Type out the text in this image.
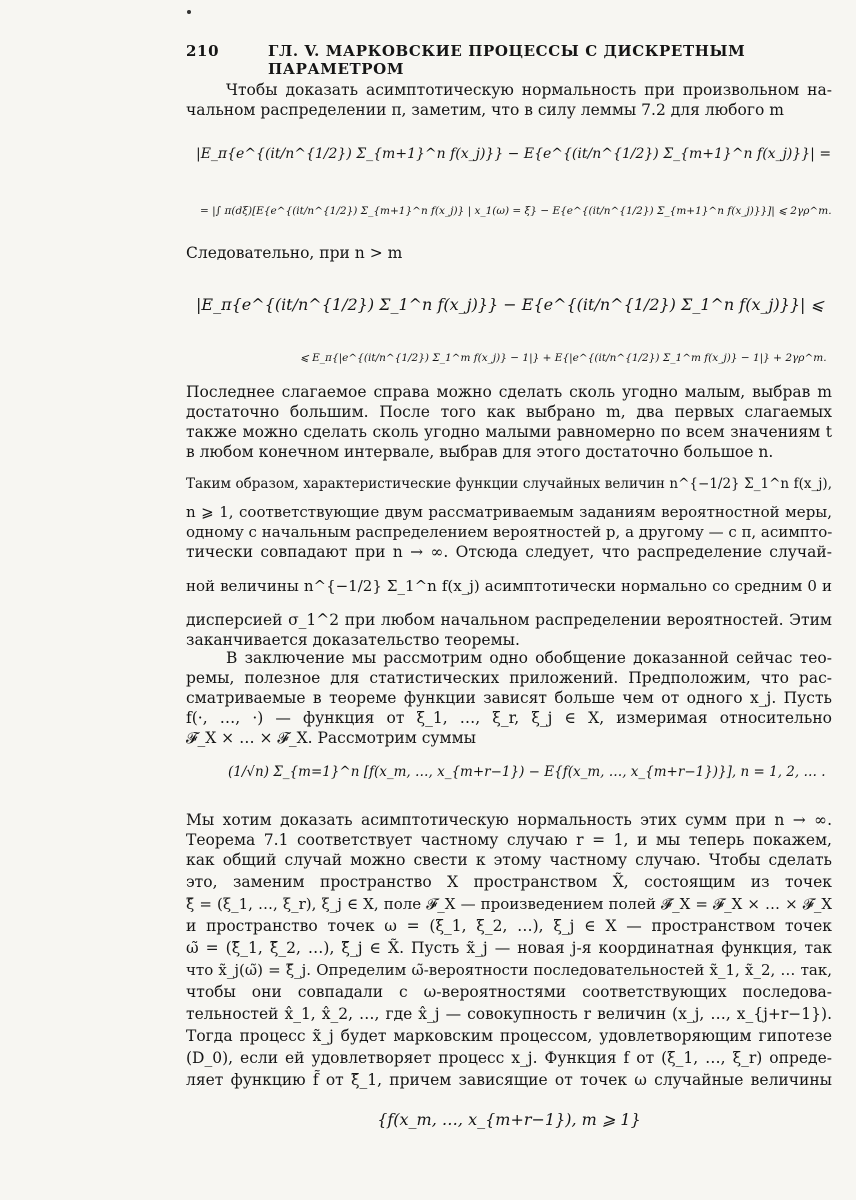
210	ГЛ. V. МАРКОВСКИЕ ПРОЦЕССЫ С ДИСКРЕТНЫМ ПАРАМЕТРОМ
Чтобы доказать асимптотическую нормальность при произвольном на-
чальном распределении π, заметим, что в силу леммы 7.2 для любого m
|E_π{e^{(it/n^{1/2}) Σ_{m+1}^n f(x_j)}} − E{e^{(it/n^{1/2}) Σ_{m+1}^n f(x_j)}}| =
= |∫ π(dξ)[E{e^{(it/n^{1/2}) Σ_{m+1}^n f(x_j)} | x_1(ω) = ξ} − E{e^{(it/n^{1/2}) Σ_{m+1}^n f(x_j)}}]| ⩽ 2γρ^m.
Следовательно, при n > m
|E_π{e^{(it/n^{1/2}) Σ_1^n f(x_j)}} − E{e^{(it/n^{1/2}) Σ_1^n f(x_j)}}| ⩽
⩽ E_π{|e^{(it/n^{1/2}) Σ_1^m f(x_j)} − 1|} + E{|e^{(it/n^{1/2}) Σ_1^m f(x_j)} − 1|} + 2γρ^m.
Последнее слагаемое справа можно сделать сколь угодно малым, выбрав m
достаточно большим. После того как выбрано m, два первых слагаемых
также можно сделать сколь угодно малыми равномерно по всем значениям t
в любом конечном интервале, выбрав для этого достаточно большое n.
Таким образом, характеристические функции случайных величин n^{−1/2} Σ_1^n f(x_j),
n ⩾ 1, соответствующие двум рассматриваемым заданиям вероятностной меры,
одному с начальным распределением вероятностей p, а другому — с π, асимпто-
тически совпадают при n → ∞. Отсюда следует, что распределение случай-
ной величины n^{−1/2} Σ_1^n f(x_j) асимптотически нормально со средним 0 и
дисперсией σ_1^2 при любом начальном распределении вероятностей. Этим
заканчивается доказательство теоремы.
В заключение мы рассмотрим одно обобщение доказанной сейчас тео-
ремы, полезное для статистических приложений. Предположим, что рас-
сматриваемые в теореме функции зависят больше чем от одного x_j. Пусть
f(·, …, ·) — функция от ξ_1, …, ξ_r, ξ_j ∈ X, измеримая относительно
𝓕_X × … × 𝓕_X. Рассмотрим суммы
(1/√n) Σ_{m=1}^n [f(x_m, …, x_{m+r−1}) − E{f(x_m, …, x_{m+r−1})}], n = 1, 2, … .
Мы хотим доказать асимптотическую нормальность этих сумм при n → ∞.
Теорема 7.1 соответствует частному случаю r = 1, и мы теперь покажем,
как общий случай можно свести к этому частному случаю. Чтобы сделать
это, заменим пространство X пространством X̃, состоящим из точек
ξ̃ = (ξ_1, …, ξ_r), ξ_j ∈ X, поле 𝓕_X — произведением полей 𝓕̃_X = 𝓕_X × … × 𝓕_X
и пространство точек ω = (ξ_1, ξ_2, …), ξ_j ∈ X — пространством точек
ω̃ = (ξ̃_1, ξ̃_2, …), ξ̃_j ∈ X̃. Пусть x̃_j — новая j-я координатная функция, так
что x̃_j(ω̃) = ξ̃_j. Определим ω̃-вероятности последовательностей x̃_1, x̃_2, … так,
чтобы они совпадали с ω-вероятностями соответствующих последова-
тельностей x̂_1, x̂_2, …, где x̂_j — совокупность r величин (x_j, …, x_{j+r−1}).
Тогда процесс x̃_j будет марковским процессом, удовлетворяющим гипотезе
(D_0), если ей удовлетворяет процесс x_j. Функция f от (ξ_1, …, ξ_r) опреде-
ляет функцию f̃ от ξ̃_1, причем зависящие от точек ω случайные величины
{f(x_m, …, x_{m+r−1}), m ⩾ 1}
